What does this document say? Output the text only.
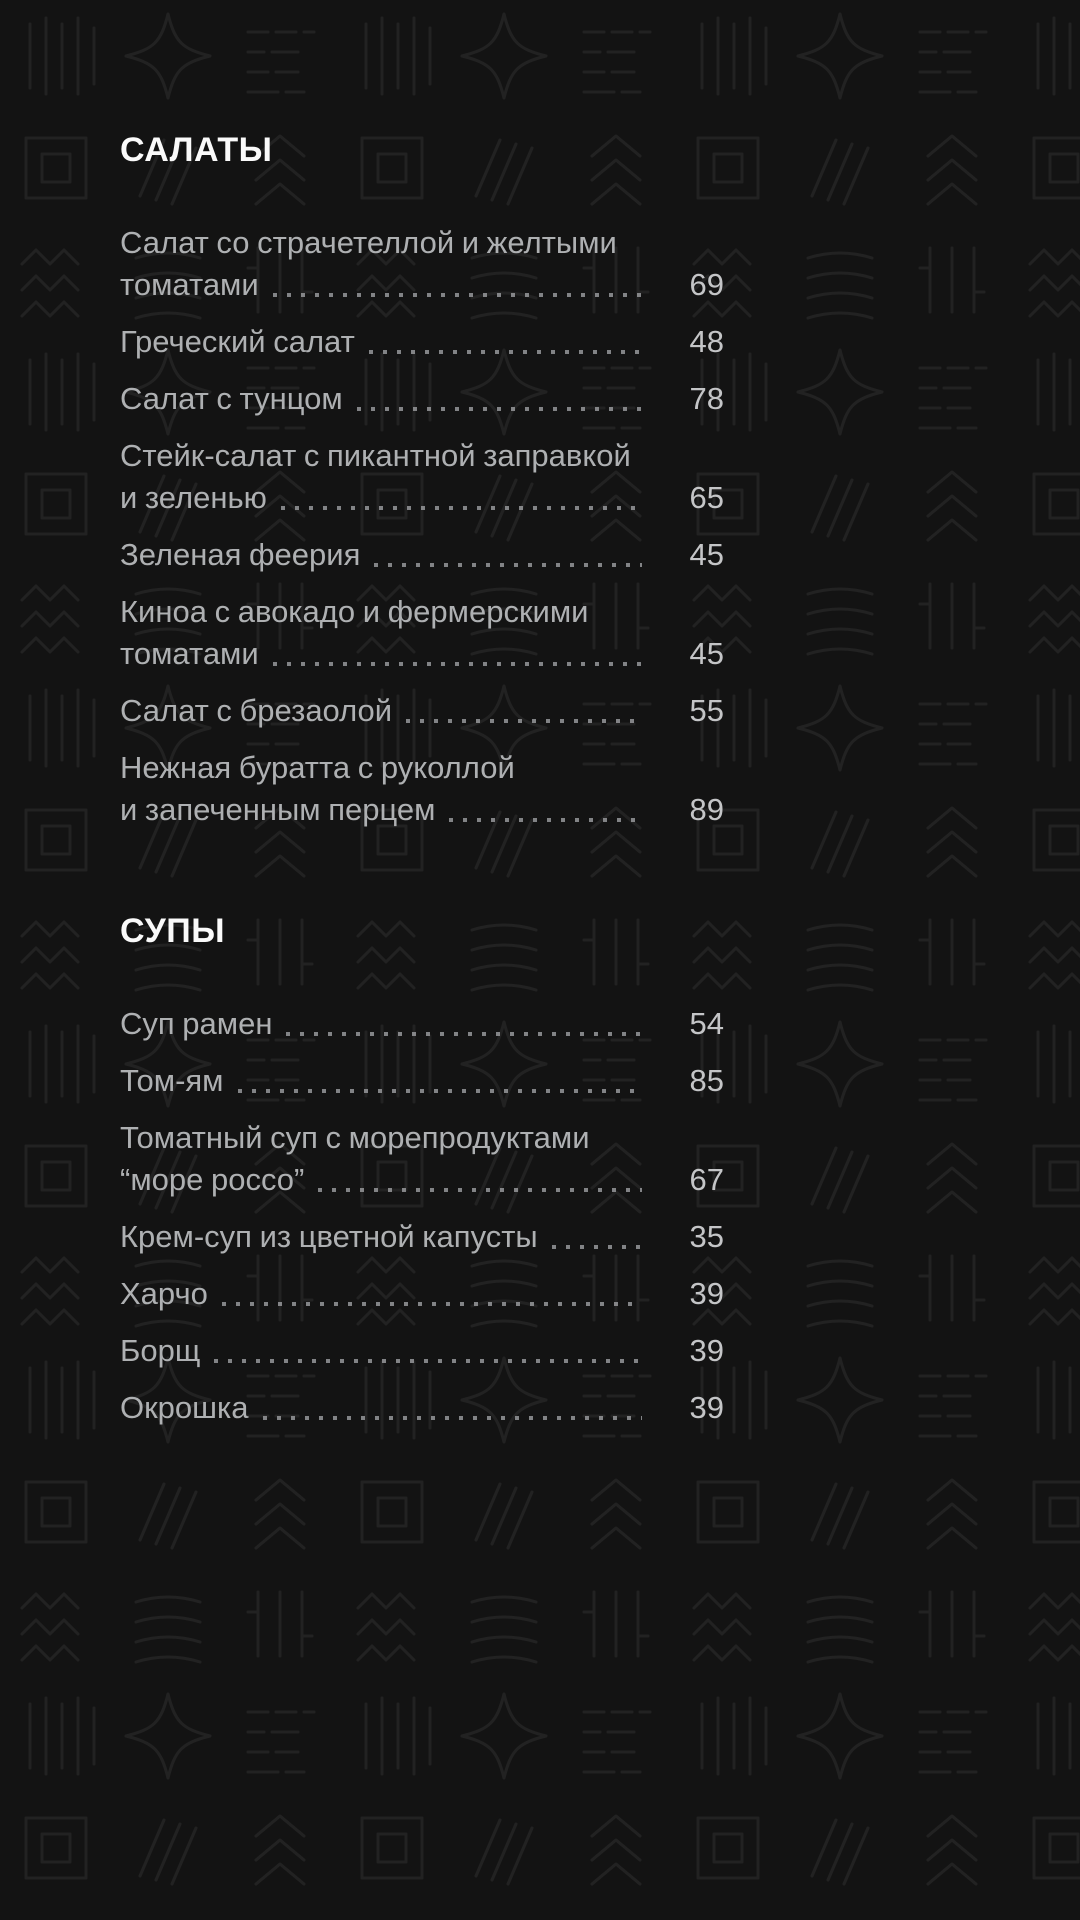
САЛАТЫ
Салат со страчетеллой и желтыми
томатами	69
Греческий салат	48
Салат с тунцом	78
Стейк-салат с пикантной заправкой
и зеленью	65
Зеленая феерия	45
Киноа с авокадо и фермерскими
томатами	45
Салат с брезаолой	55
Нежная буратта с руколлой
и запеченным перцем	89
СУПЫ
Суп рамен	54
Том-ям	85
Томатный суп с морепродуктами
“море россо”	67
Крем-суп из цветной капусты	35
Харчо	39
Борщ	39
Окрошка	39
